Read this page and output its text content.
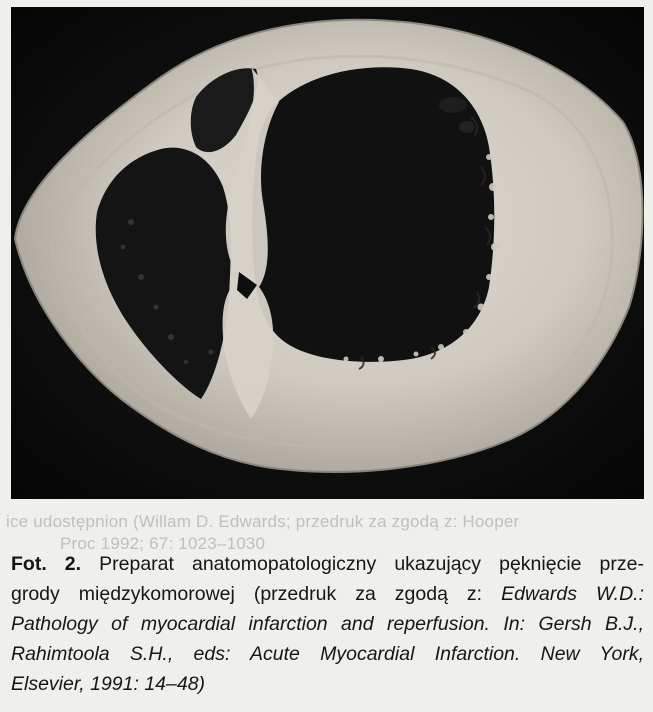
ice udostępnion (Willam D. Edwards; przedruk za zgodą z: Hooper
Proc 1992; 67: 1023–1030
Fot. 2. Preparat anatomopatologiczny ukazujący pęknięcie prze-
grody międzykomorowej (przedruk za zgodą z: Edwards W.D.:
Pathology of myocardial infarction and reperfusion. In: Gersh B.J.,
Rahimtoola S.H., eds: Acute Myocardial Infarction. New York,
Elsevier, 1991: 14–48)
